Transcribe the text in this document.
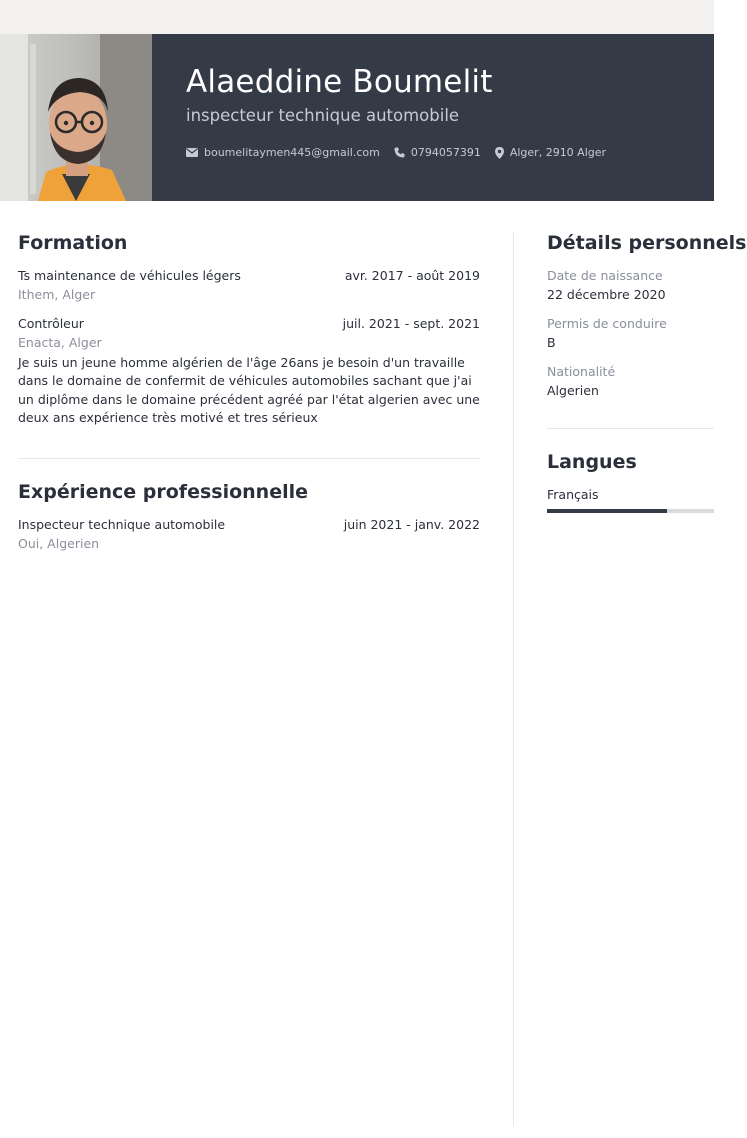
Alaeddine Boumelit
inspecteur technique automobile
boumelitaymen445@gmail.com	0794057391	Alger, 2910 Alger
Formation
Ts maintenance de véhicules légers	avr. 2017 - août 2019
Ithem, Alger
Contrôleur	juil. 2021 - sept. 2021
Enacta, Alger
Je suis un jeune homme algérien de l'âge 26ans je besoin d'un travaille dans le domaine de confermit de véhicules automobiles sachant que j'ai un diplôme dans le domaine précédent agréé par l'état algerien avec une deux ans expérience très motivé et tres sérieux
Expérience professionnelle
Inspecteur technique automobile	juin 2021 - janv. 2022
Oui, Algerien
Détails personnels
Date de naissance
22 décembre 2020
Permis de conduire
B
Nationalité
Algerien
Langues
Français
